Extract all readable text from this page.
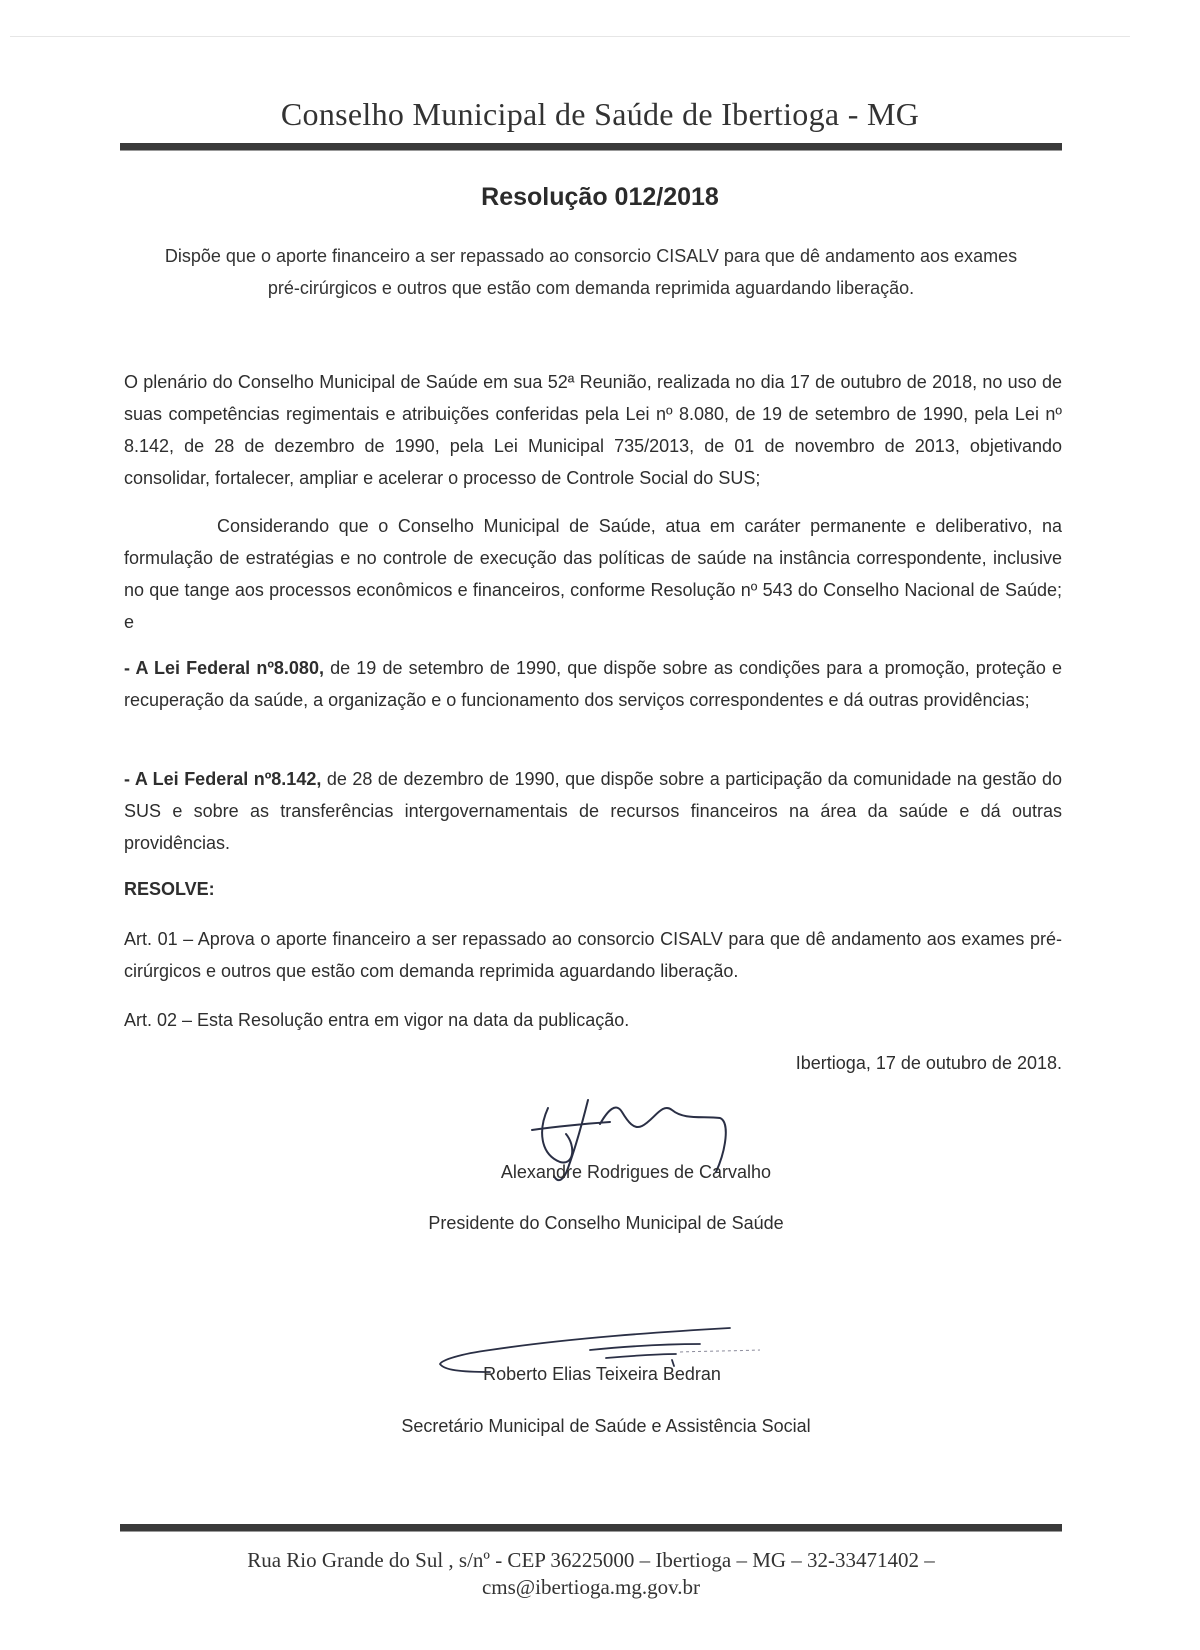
Conselho Municipal de Saúde de Ibertioga - MG
Resolução 012/2018
Dispõe que o aporte financeiro a ser repassado ao consorcio CISALV para que dê andamento aos exames
pré-cirúrgicos e outros que estão com demanda reprimida aguardando liberação.
O plenário do Conselho Municipal de Saúde em sua 52ª Reunião, realizada no dia 17 de outubro de 2018, no uso de suas competências regimentais e atribuições conferidas pela Lei nº 8.080, de 19 de setembro de 1990, pela Lei nº 8.142, de 28 de dezembro de 1990, pela Lei Municipal 735/2013, de 01 de novembro de 2013, objetivando consolidar, fortalecer, ampliar e acelerar o processo de Controle Social do SUS;
Considerando que o Conselho Municipal de Saúde, atua em caráter permanente e deliberativo, na formulação de estratégias e no controle de execução das políticas de saúde na instância correspondente, inclusive no que tange aos processos econômicos e financeiros, conforme Resolução nº 543 do Conselho Nacional de Saúde; e
- A Lei Federal nº8.080, de 19 de setembro de 1990, que dispõe sobre as condições para a promoção, proteção e recuperação da saúde, a organização e o funcionamento dos serviços correspondentes e dá outras providências;
- A Lei Federal nº8.142, de 28 de dezembro de 1990, que dispõe sobre a participação da comunidade na gestão do SUS e sobre as transferências intergovernamentais de recursos financeiros na área da saúde e dá outras providências.
RESOLVE:
Art. 01 – Aprova o aporte financeiro a ser repassado ao consorcio CISALV para que dê andamento aos exames pré-cirúrgicos e outros que estão com demanda reprimida aguardando liberação.
Art. 02 – Esta Resolução entra em vigor na data da publicação.
Ibertioga, 17 de outubro de 2018.
Alexandre Rodrigues de Carvalho
Presidente do Conselho Municipal de Saúde
Roberto Elias Teixeira Bedran
Secretário Municipal de Saúde e Assistência Social
Rua Rio Grande do Sul , s/nº - CEP 36225000 – Ibertioga – MG – 32-33471402 –
cms@ibertioga.mg.gov.br
